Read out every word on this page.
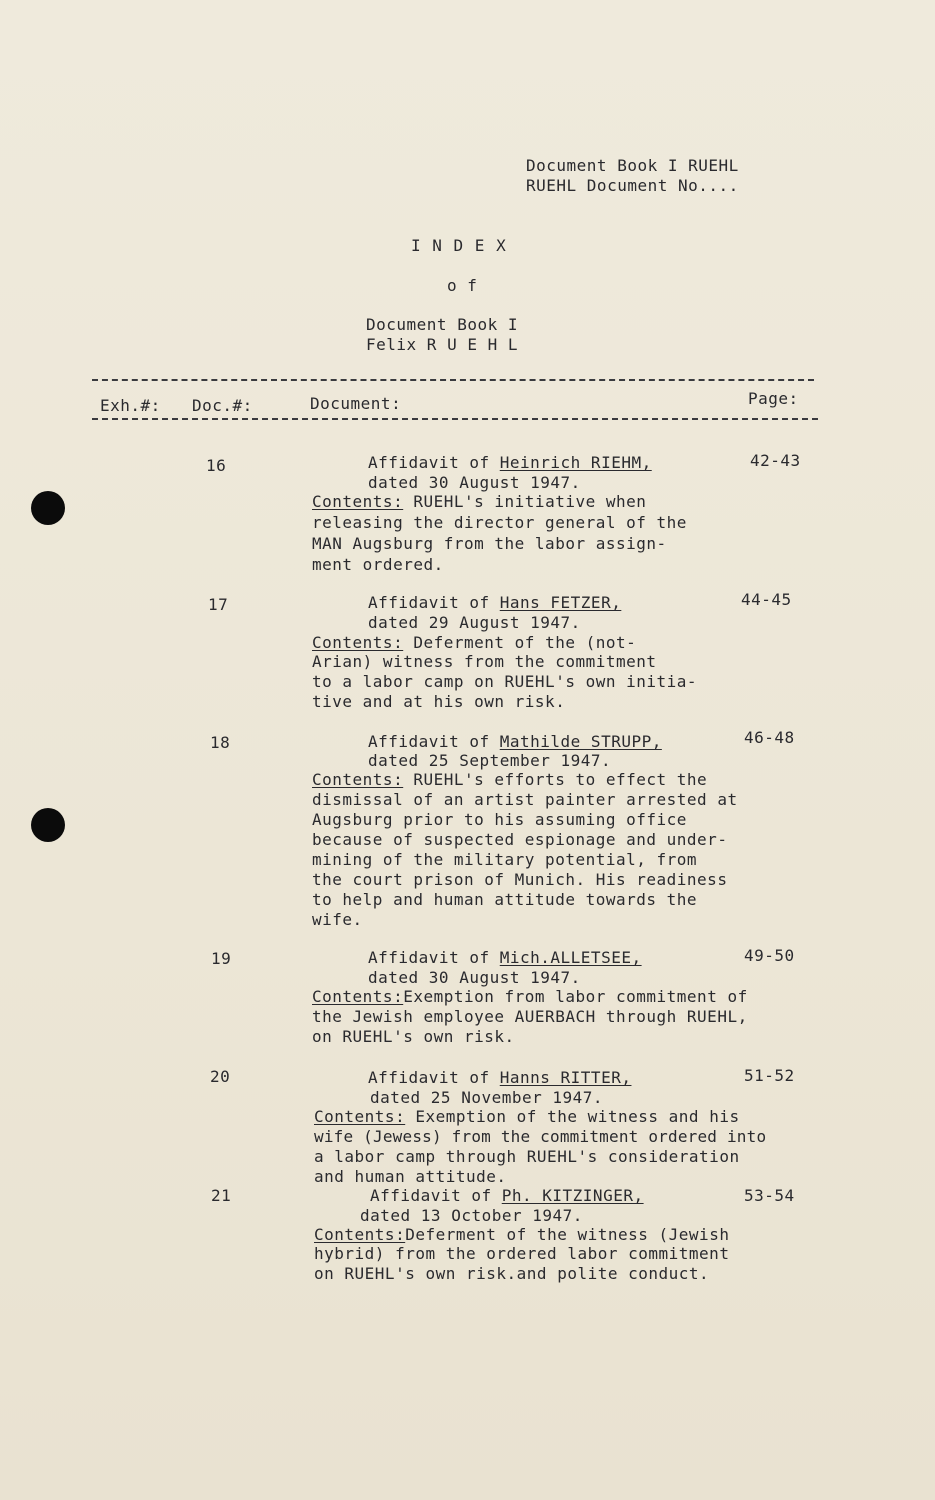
Document Book I RUEHL
RUEHL Document No....
I N D E X
o f
Document Book I
Felix R U E H L
Exh.#: Doc.#:	Document:	Page:
16	Affidavit of Heinrich RIEHM,	42-43
dated 30 August 1947.
Contents: RUEHL's initiative when
releasing the director general of the
MAN Augsburg from the labor assign-
ment ordered.
17	Affidavit of Hans FETZER,	44-45
dated 29 August 1947.
Contents: Deferment of the (not-
Arian) witness from the commitment
to a labor camp on RUEHL's own initia-
tive and at his own risk.
18	Affidavit of Mathilde STRUPP,	46-48
dated 25 September 1947.
Contents: RUEHL's efforts to effect the
dismissal of an artist painter arrested at
Augsburg prior to his assuming office
because of suspected espionage and under-
mining of the military potential, from
the court prison of Munich. His readiness
to help and human attitude towards the
wife.
19	Affidavit of Mich.ALLETSEE,	49-50
dated 30 August 1947.
Contents:Exemption from labor commitment of
the Jewish employee AUERBACH through RUEHL,
on RUEHL's own risk.
20	Affidavit of Hanns RITTER,	51-52
dated 25 November 1947.
Contents: Exemption of the witness and his
wife (Jewess) from the commitment ordered into
a labor camp through RUEHL's consideration
and human attitude.
21	Affidavit of Ph. KITZINGER,	53-54
dated 13 October 1947.
Contents:Deferment of the witness (Jewish
hybrid) from the ordered labor commitment
on RUEHL's own risk.and polite conduct.
